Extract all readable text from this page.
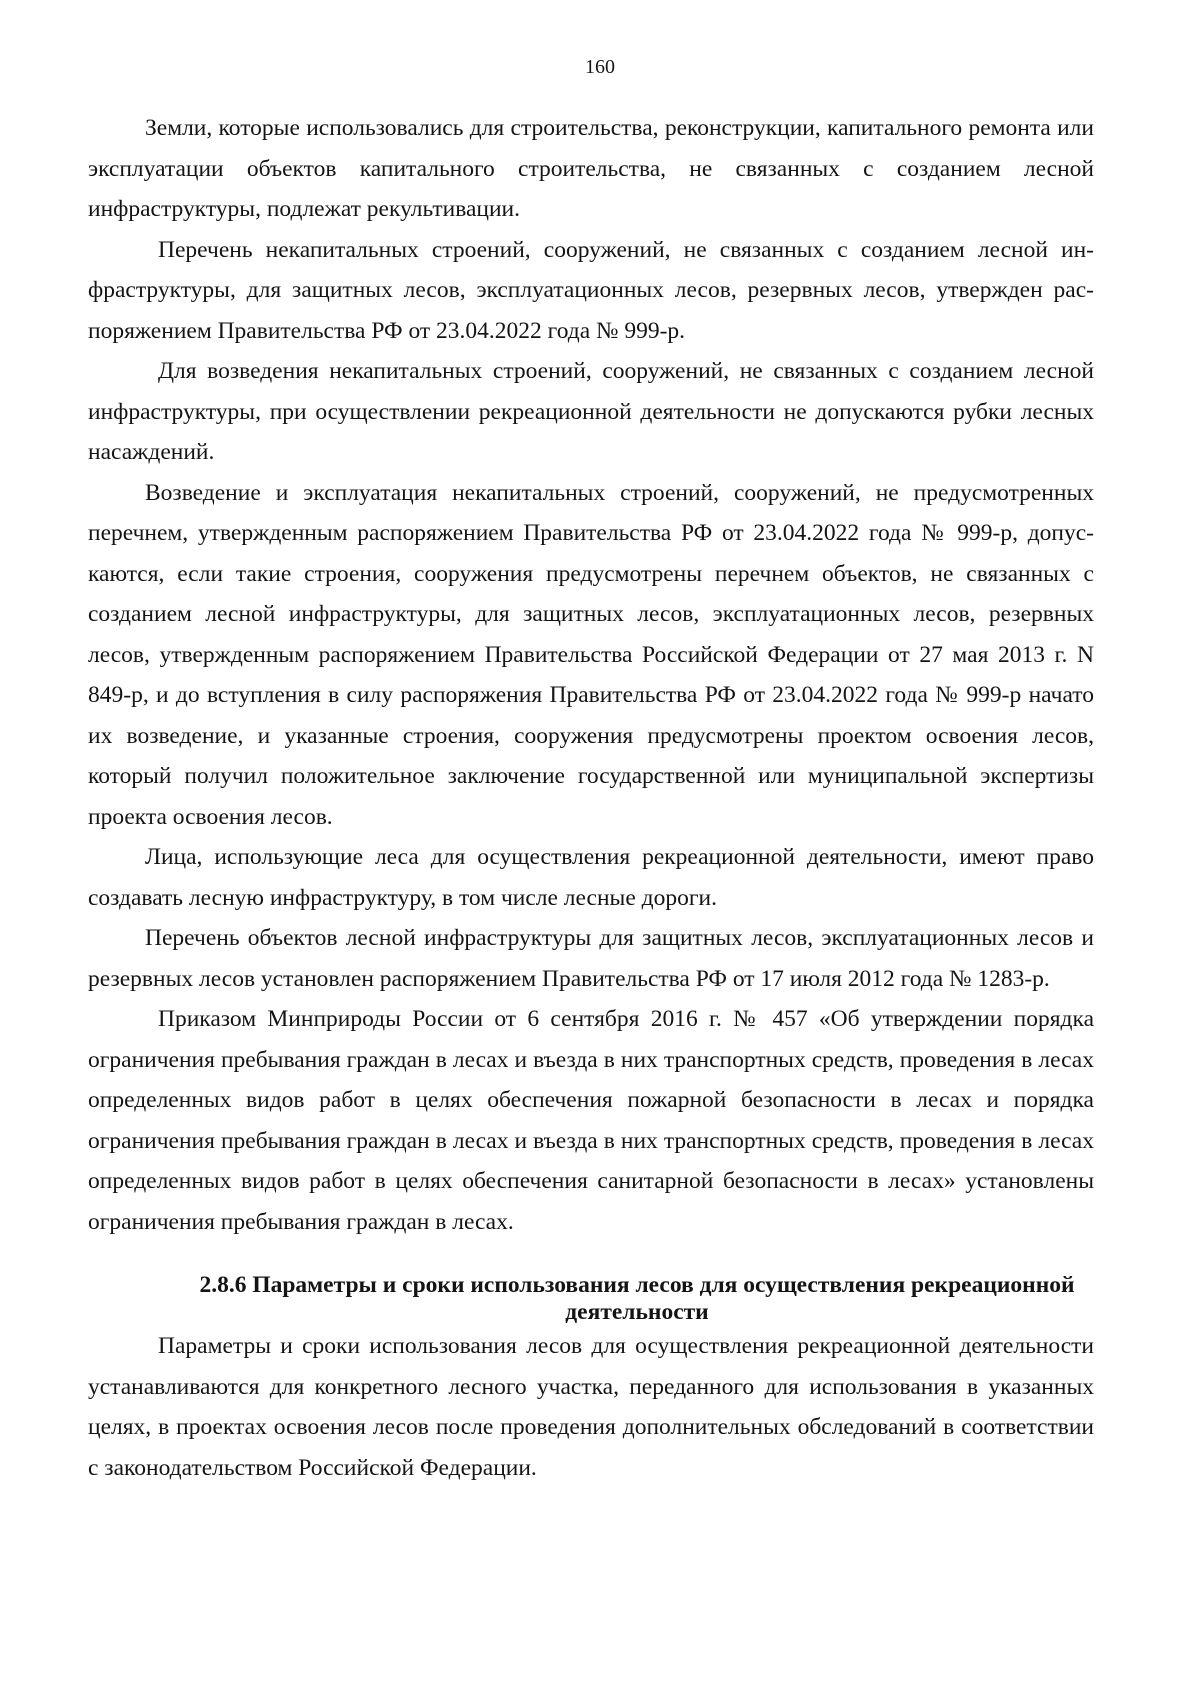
160

Земли, которые использовались для строительства, реконструкции, капитального ремонта или эксплуатации объектов капитального строительства, не связанных с созданием лесной инфраструктуры, подлежат рекультивации.

Перечень некапитальных строений, сооружений, не связанных с созданием лесной инфраструктуры, для защитных лесов, эксплуатационных лесов, резервных лесов, утвержден распоряжением Правительства РФ от 23.04.2022 года № 999-р.

Для возведения некапитальных строений, сооружений, не связанных с созданием лесной инфраструктуры, при осуществлении рекреационной деятельности не допускаются рубки лесных насаждений.

Возведение и эксплуатация некапитальных строений, сооружений, не предусмотренных перечнем, утвержденным распоряжением Правительства РФ от 23.04.2022 года № 999-р, допускаются, если такие строения, сооружения предусмотрены перечнем объектов, не связанных с созданием лесной инфраструктуры, для защитных лесов, эксплуатационных лесов, резервных лесов, утвержденным распоряжением Правительства Российской Федерации от 27 мая 2013 г. N 849-р, и до вступления в силу распоряжения Правительства РФ от 23.04.2022 года № 999-р начато их возведение, и указанные строения, сооружения предусмотрены проектом освоения лесов, который получил положительное заключение государственной или муниципальной экспертизы проекта освоения лесов.

Лица, использующие леса для осуществления рекреационной деятельности, имеют право создавать лесную инфраструктуру, в том числе лесные дороги.

Перечень объектов лесной инфраструктуры для защитных лесов, эксплуатационных лесов и резервных лесов установлен распоряжением Правительства РФ от 17 июля 2012 года № 1283-р.

Приказом Минприроды России от 6 сентября 2016 г. № 457 «Об утверждении порядка ограничения пребывания граждан в лесах и въезда в них транспортных средств, проведения в лесах определенных видов работ в целях обеспечения пожарной безопасности в лесах и порядка ограничения пребывания граждан в лесах и въезда в них транспортных средств, проведения в лесах определенных видов работ в целях обеспечения санитарной безопасности в лесах» установлены ограничения пребывания граждан в лесах.

2.8.6 Параметры и сроки использования лесов для осуществления рекреационной деятельности

Параметры и сроки использования лесов для осуществления рекреационной деятельности устанавливаются для конкретного лесного участка, переданного для использования в указанных целях, в проектах освоения лесов после проведения дополнительных обследований в соответствии с законодательством Российской Федерации.
